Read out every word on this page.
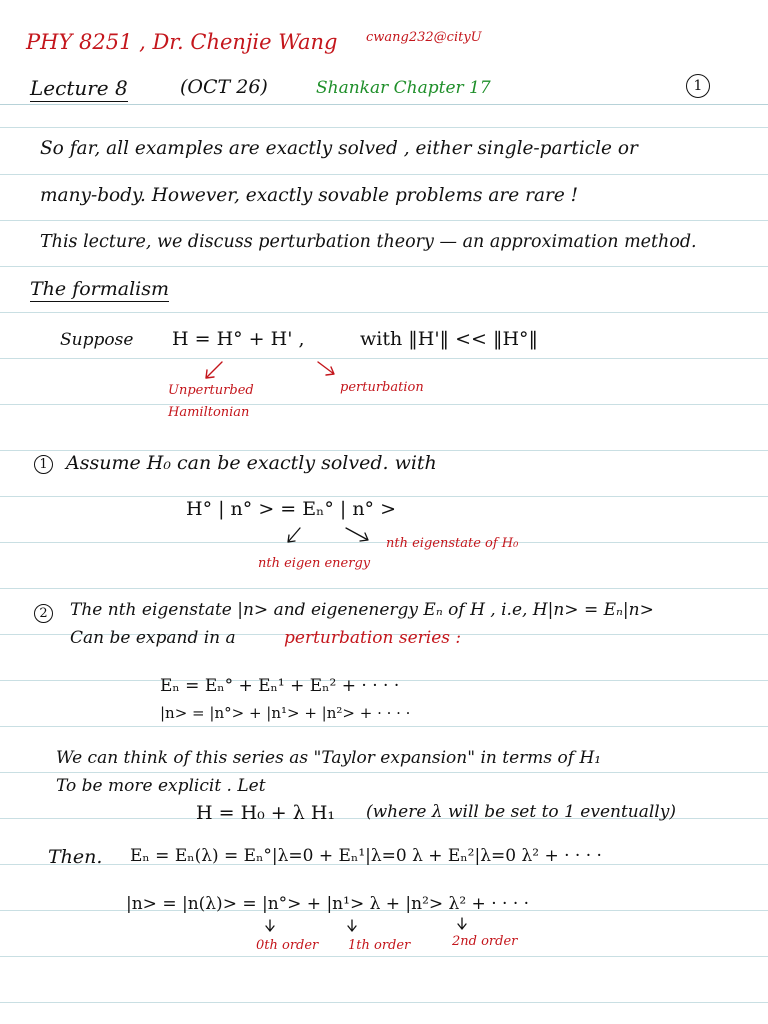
PHY 8251 , Dr. Chenjie Wang cwang232@cityU
Lecture 8	(OCT 26)	Shankar Chapter 17	1
So far, all examples are exactly solved , either single-particle or
many-body. However, exactly sovable problems are rare !
This lecture, we discuss perturbation theory — an approximation method.
The formalism
Suppose H = H° + H' ,	with ‖H'‖ << ‖H°‖
Unperturbed Hamiltonian
perturbation
1 Assume H₀ can be exactly solved. with
H° | n° > = Eₙ° | n° >
nth eigenstate of H₀
nth eigen energy
2	The nth eigenstate |n> and eigenenergy Eₙ of H , i.e, H|n> = Eₙ|n>
Can be expand in a	perturbation series :
Eₙ = Eₙ° + Eₙ¹ + Eₙ² + · · · ·
|n> = |n°> + |n¹> + |n²> + · · · ·
We can think of this series as "Taylor expansion" in terms of H₁
To be more explicit . Let
H = H₀ + λ H₁ (where λ will be set to 1 eventually)
Then. Eₙ = Eₙ(λ) = Eₙ°|λ=0 + Eₙ¹|λ=0 λ + Eₙ²|λ=0 λ² + · · · ·
|n> = |n(λ)> = |n°> + |n¹> λ + |n²> λ² + · · · ·
0th order 1th order	2nd order
